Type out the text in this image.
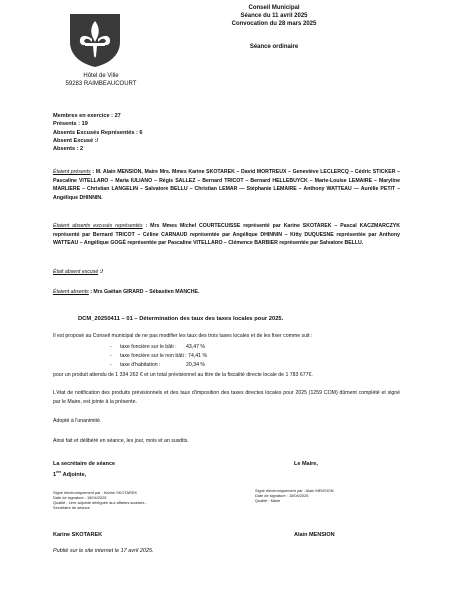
Hôtel de Ville
59283 RAIMBEAUCOURT
Conseil Municipal
Séance du 11 avril 2025
Convocation du 28 mars 2025
Séance ordinaire
Membres en exercice : 27
Présents : 19
Absents Excusés Représentés : 6
Absent Excusé :/
Absents : 2
Étaient présents : M. Alain MENSION, Maire Mrs. Mmes Karine SKOTAREK – David MORTREUX – Geneviève LECLERCQ – Cédric STICKER – Pascaline VITELLARO – Maria IULIANO – Régis SALLEZ – Bernard TRICOT – Bernard HELLEBUYCK – Marie-Louise LEMAIRE – Maryline MARLIERE – Christian LANGELIN – Salvatore BELLU – Christian LEMAR — Stéphanie LEMAIRE – Anthony WATTEAU — Aurélie PETIT – Angélique DHINNIN.
Étaient absents excusés représentés : Mrs Mmes Michel COURTECUISSE représenté par Karine SKOTAREK – Pascal KACZMARCZYK représenté par Bernard TRICOT – Céline CARNAUD représentée par Angélique DHINNIN – Kitty DUQUESNE représentée par Anthony WATTEAU – Angélique GOGÉ représentée par Pascaline VITELLARO – Clémence BARBIER représentée par Salvatore BELLU.
Était absent excusé :/
Étaient absents : Mrs Gaëtan GIRARD – Sébastien MANCHE.
DCM_20250411 – 01 – Détermination des taux des taxes locales pour 2025.
Il est proposé au Conseil municipal de ne pas modifier les taux des trois taxes locales et de les fixer comme suit :
- taxe foncière sur le bâti : 43,47 %
- taxe foncière sur le non bâti : 74,41 %
- taxe d'habitation :	20,34 %
pour un produit attendu de 1 334 262 € et un total prévisionnel au titre de la fiscalité directe locale de 1 783 677€.
L'état de notification des produits prévisionnels et des taux d'imposition des taxes directes locales pour 2025 (1259 COM) dûment complété et signé par le Maire, est jointe à la présente.
Adopté à l'unanimité.
Ainsi fait et délibéré en séance, les jour, mois et an susdits.
La secrétaire de séance
1ère Adjointe,
Le Maire,
Signé électroniquement par : Karine SKOTAREK
Date de signature : 15/04/2025
Qualité : 1ère adjointe déléguée aux affaires sociales -
Secrétaire de séance
Signé électroniquement par : Alain MENSION
Date de signature : 15/04/2025
Qualité : Maire
Karine SKOTAREK	Alain MENSION
Publié sur le site internet le 17 avril 2025.
